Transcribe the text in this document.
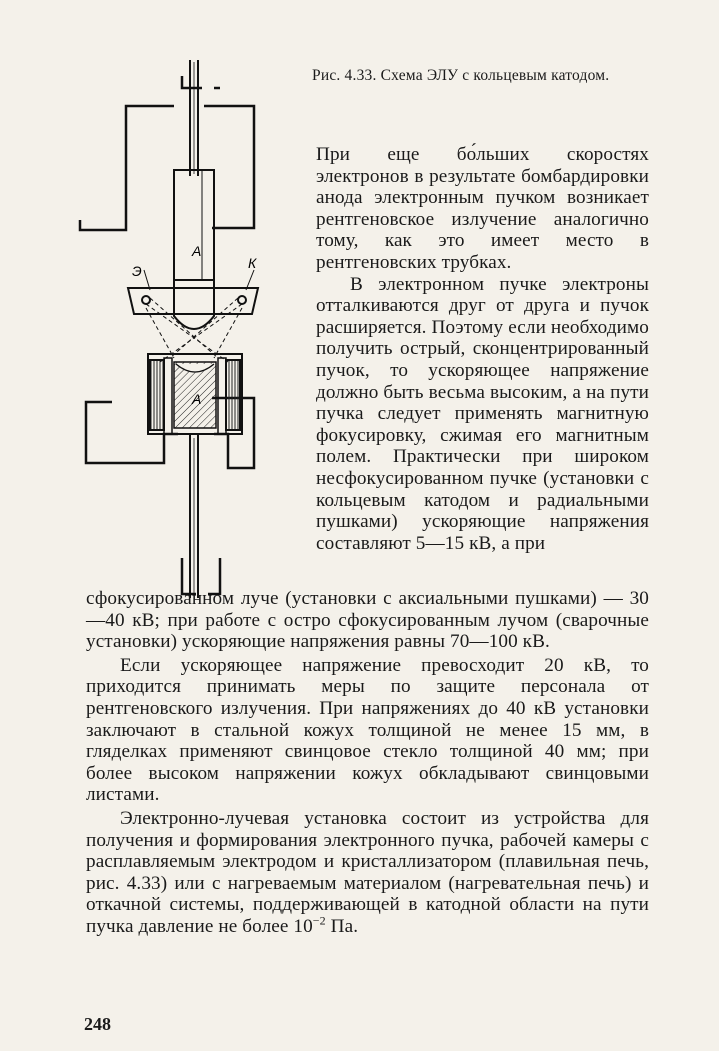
А
Э	К
А
Рис. 4.33. Схема ЭЛУ с кольцевым катодом.

При еще бо́льших скоростях электронов в результате бомбардировки анода электронным пучком возникает рентгеновское излучение аналогично тому, как это имеет место в рентгеновских трубках.

В электронном пучке электроны отталкиваются друг от друга и пучок расширяется. Поэтому если необходимо получить острый, сконцентрированный пучок, то ускоряющее напряжение должно быть весьма высоким, а на пути пучка следует применять магнитную фокусировку, сжимая его магнитным полем. Практически при широком несфокусированном пучке (установки с кольцевым катодом и радиальными пушками) ускоряющие напряжения составляют 5—15 кВ, а при

сфокусированном луче (установки с аксиальными пушками) — 30—40 кВ; при работе с остро сфокусированным лучом (сварочные установки) ускоряющие напряжения равны 70—100 кВ.

Если ускоряющее напряжение превосходит 20 кВ, то приходится принимать меры по защите персонала от рентгеновского излучения. При напряжениях до 40 кВ установки заключают в стальной кожух толщиной не менее 15 мм, в гляделках применяют свинцовое стекло толщиной 40 мм; при более высоком напряжении кожух обкладывают свинцовыми листами.

Электронно-лучевая установка состоит из устройства для получения и формирования электронного пучка, рабочей камеры с расплавляемым электродом и кристаллизатором (плавильная печь, рис. 4.33) или с нагреваемым материалом (нагревательная печь) и откачной системы, поддерживающей в катодной области на пути пучка давление не более $10^{-2}$ Па.

248
